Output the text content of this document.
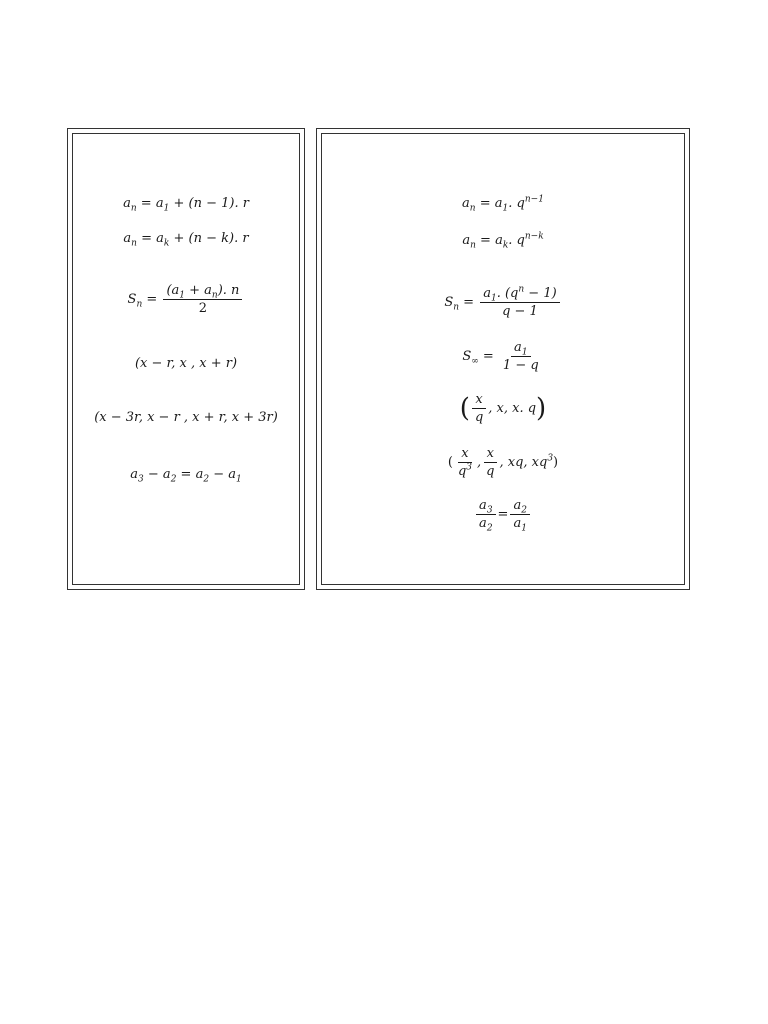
$a_n = a_1 + (n - 1)$. r
$a_n = a_k + (n - k)$. r
$S_n = \frac{(a_1 + a_n). n}{2}$
(x − r, x , x + r)
(x − 3r, x − r , x + r, x + 3r)
$a_3 - a_2 = a_2 - a_1$
$a_n = a_1$. $q^{n-1}$
$a_n = a_k$. $q^{n-k}$
$S_n = \frac{a_1. (q^n - 1)}{q - 1}$
$S_\infty = \frac{a_1}{1 - q}$
( $\frac{x}{q}$ , x, x. q)
( $\frac{x}{q^3}$ , $\frac{x}{q}$ , xq, $xq^3$)
$\frac{a_3}{a_2} = \frac{a_2}{a_1}$
